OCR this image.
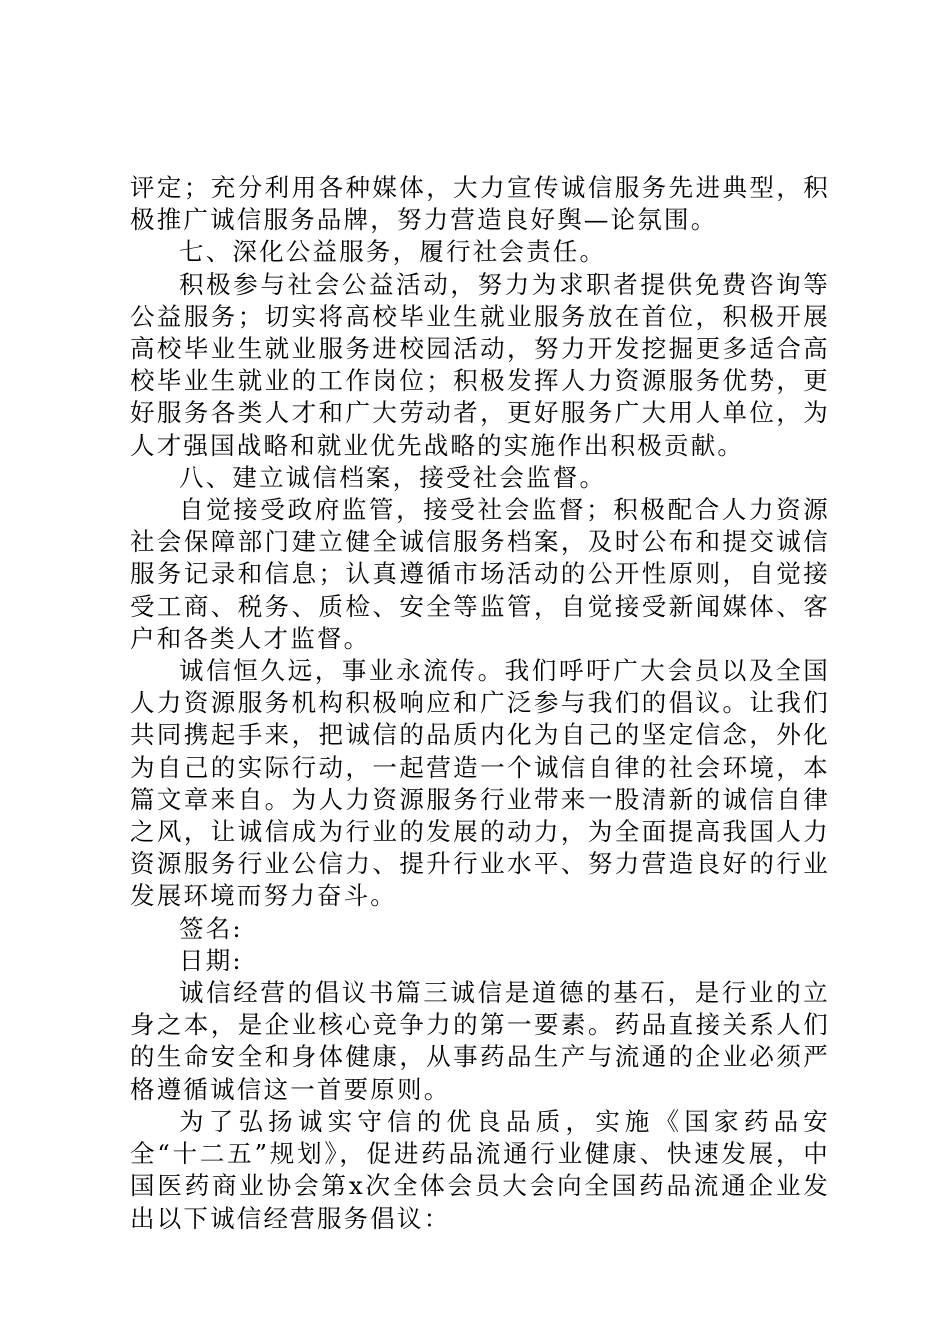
评定；充分利用各种媒体，大力宣传诚信服务先进典型，积极推广诚信服务品牌，努力营造良好舆—论氛围。

七、深化公益服务，履行社会责任。

积极参与社会公益活动，努力为求职者提供免费咨询等公益服务；切实将高校毕业生就业服务放在首位，积极开展高校毕业生就业服务进校园活动，努力开发挖掘更多适合高校毕业生就业的工作岗位；积极发挥人力资源服务优势，更好服务各类人才和广大劳动者，更好服务广大用人单位，为人才强国战略和就业优先战略的实施作出积极贡献。

八、建立诚信档案，接受社会监督。

自觉接受政府监管，接受社会监督；积极配合人力资源社会保障部门建立健全诚信服务档案，及时公布和提交诚信服务记录和信息；认真遵循市场活动的公开性原则，自觉接受工商、税务、质检、安全等监管，自觉接受新闻媒体、客户和各类人才监督。

诚信恒久远，事业永流传。我们呼吁广大会员以及全国人力资源服务机构积极响应和广泛参与我们的倡议。让我们共同携起手来，把诚信的品质内化为自己的坚定信念，外化为自己的实际行动，一起营造一个诚信自律的社会环境，本篇文章来自。为人力资源服务行业带来一股清新的诚信自律之风，让诚信成为行业的发展的动力，为全面提高我国人力资源服务行业公信力、提升行业水平、努力营造良好的行业发展环境而努力奋斗。

签名:

日期:

诚信经营的倡议书篇三诚信是道德的基石，是行业的立身之本，是企业核心竞争力的第一要素。药品直接关系人们的生命安全和身体健康，从事药品生产与流通的企业必须严格遵循诚信这一首要原则。

为了弘扬诚实守信的优良品质，实施《国家药品安全“十二五”规划》，促进药品流通行业健康、快速发展，中国医药商业协会第x次全体会员大会向全国药品流通企业发出以下诚信经营服务倡议：
